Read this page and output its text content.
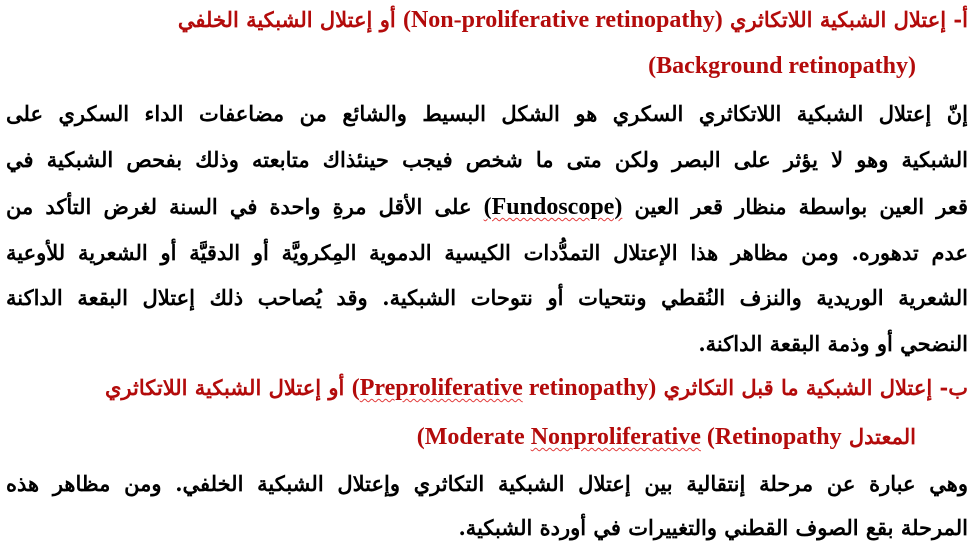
أ- إعتلال الشبكية اللاتكاثري (Non-proliferative retinopathy) أو إعتلال الشبكية الخلفي
(Background retinopathy)
إنّ إعتلال الشبكية اللاتكاثري السكري هو الشكل البسيط والشائع من مضاعفات الداء السكري على
الشبكية وهو لا يؤثر على البصر ولكن متى ما شخص فيجب حينئذاك متابعته وذلك بفحص الشبكية في
قعر العين بواسطة منظار قعر العين (Fundoscope) على الأقل مرةِ واحدة في السنة لغرض التأكد من
عدم تدهوره. ومن مظاهر هذا الإعتلال التمدُّدات الكيسية الدموية المِكرويَّة أو الدقيَّة أو الشعرية للأوعية
الشعرية الوريدية والنزف النُقطي ونتحيات أو نتوحات الشبكية. وقد يُصاحب ذلك إعتلال البقعة الداكنة
النضحي أو وذمة البقعة الداكنة.
ب- إعتلال الشبكية ما قبل التكاثري (Preproliferative retinopathy) أو إعتلال الشبكية اللاتكاثري
المعتدل (Moderate Nonproliferative (Retinopathy
وهي عبارة عن مرحلة إنتقالية بين إعتلال الشبكية التكاثري وإعتلال الشبكية الخلفي. ومن مظاهر هذه
المرحلة بقع الصوف القطني والتغييرات في أوردة الشبكية.
